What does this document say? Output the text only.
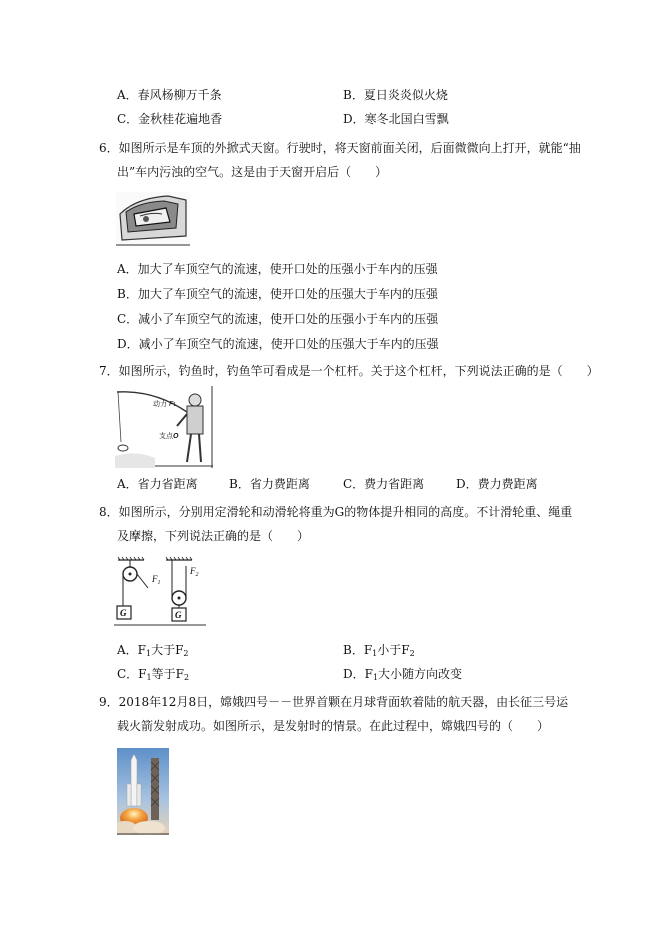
A．春风杨柳万千条	B．夏日炎炎似火烧
C．金秋桂花遍地香	D．寒冬北国白雪飘
6．如图所示是车顶的外掀式天窗。行驶时，将天窗前面关闭，后面微微向上打开，就能“抽
出”车内污浊的空气。这是由于天窗开启后（　　）
A．加大了车顶空气的流速，使开口处的压强小于车内的压强
B．加大了车顶空气的流速，使开口处的压强大于车内的压强
C．减小了车顶空气的流速，使开口处的压强小于车内的压强
D．减小了车顶空气的流速，使开口处的压强大于车内的压强
7．如图所示，钓鱼时，钓鱼竿可看成是一个杠杆。关于这个杠杆，下列说法正确的是（　　）
动力 F1
支点O
A．省力省距离	B．省力费距离	C．费力省距离	D．费力费距离
8．如图所示，分别用定滑轮和动滑轮将重为G的物体提升相同的高度。不计滑轮重、绳重
及摩擦，下列说法正确的是（　　）
G
$F_1$
G
$F_2$
A．$F_1$大于$F_2$	B．$F_1$小于$F_2$
C．$F_1$等于$F_2$	D．$F_1$大小随方向改变
9．2018年12月8日，嫦娥四号－－世界首颗在月球背面软着陆的航天器，由长征三号运
载火箭发射成功。如图所示，是发射时的情景。在此过程中，嫦娥四号的（　　）
